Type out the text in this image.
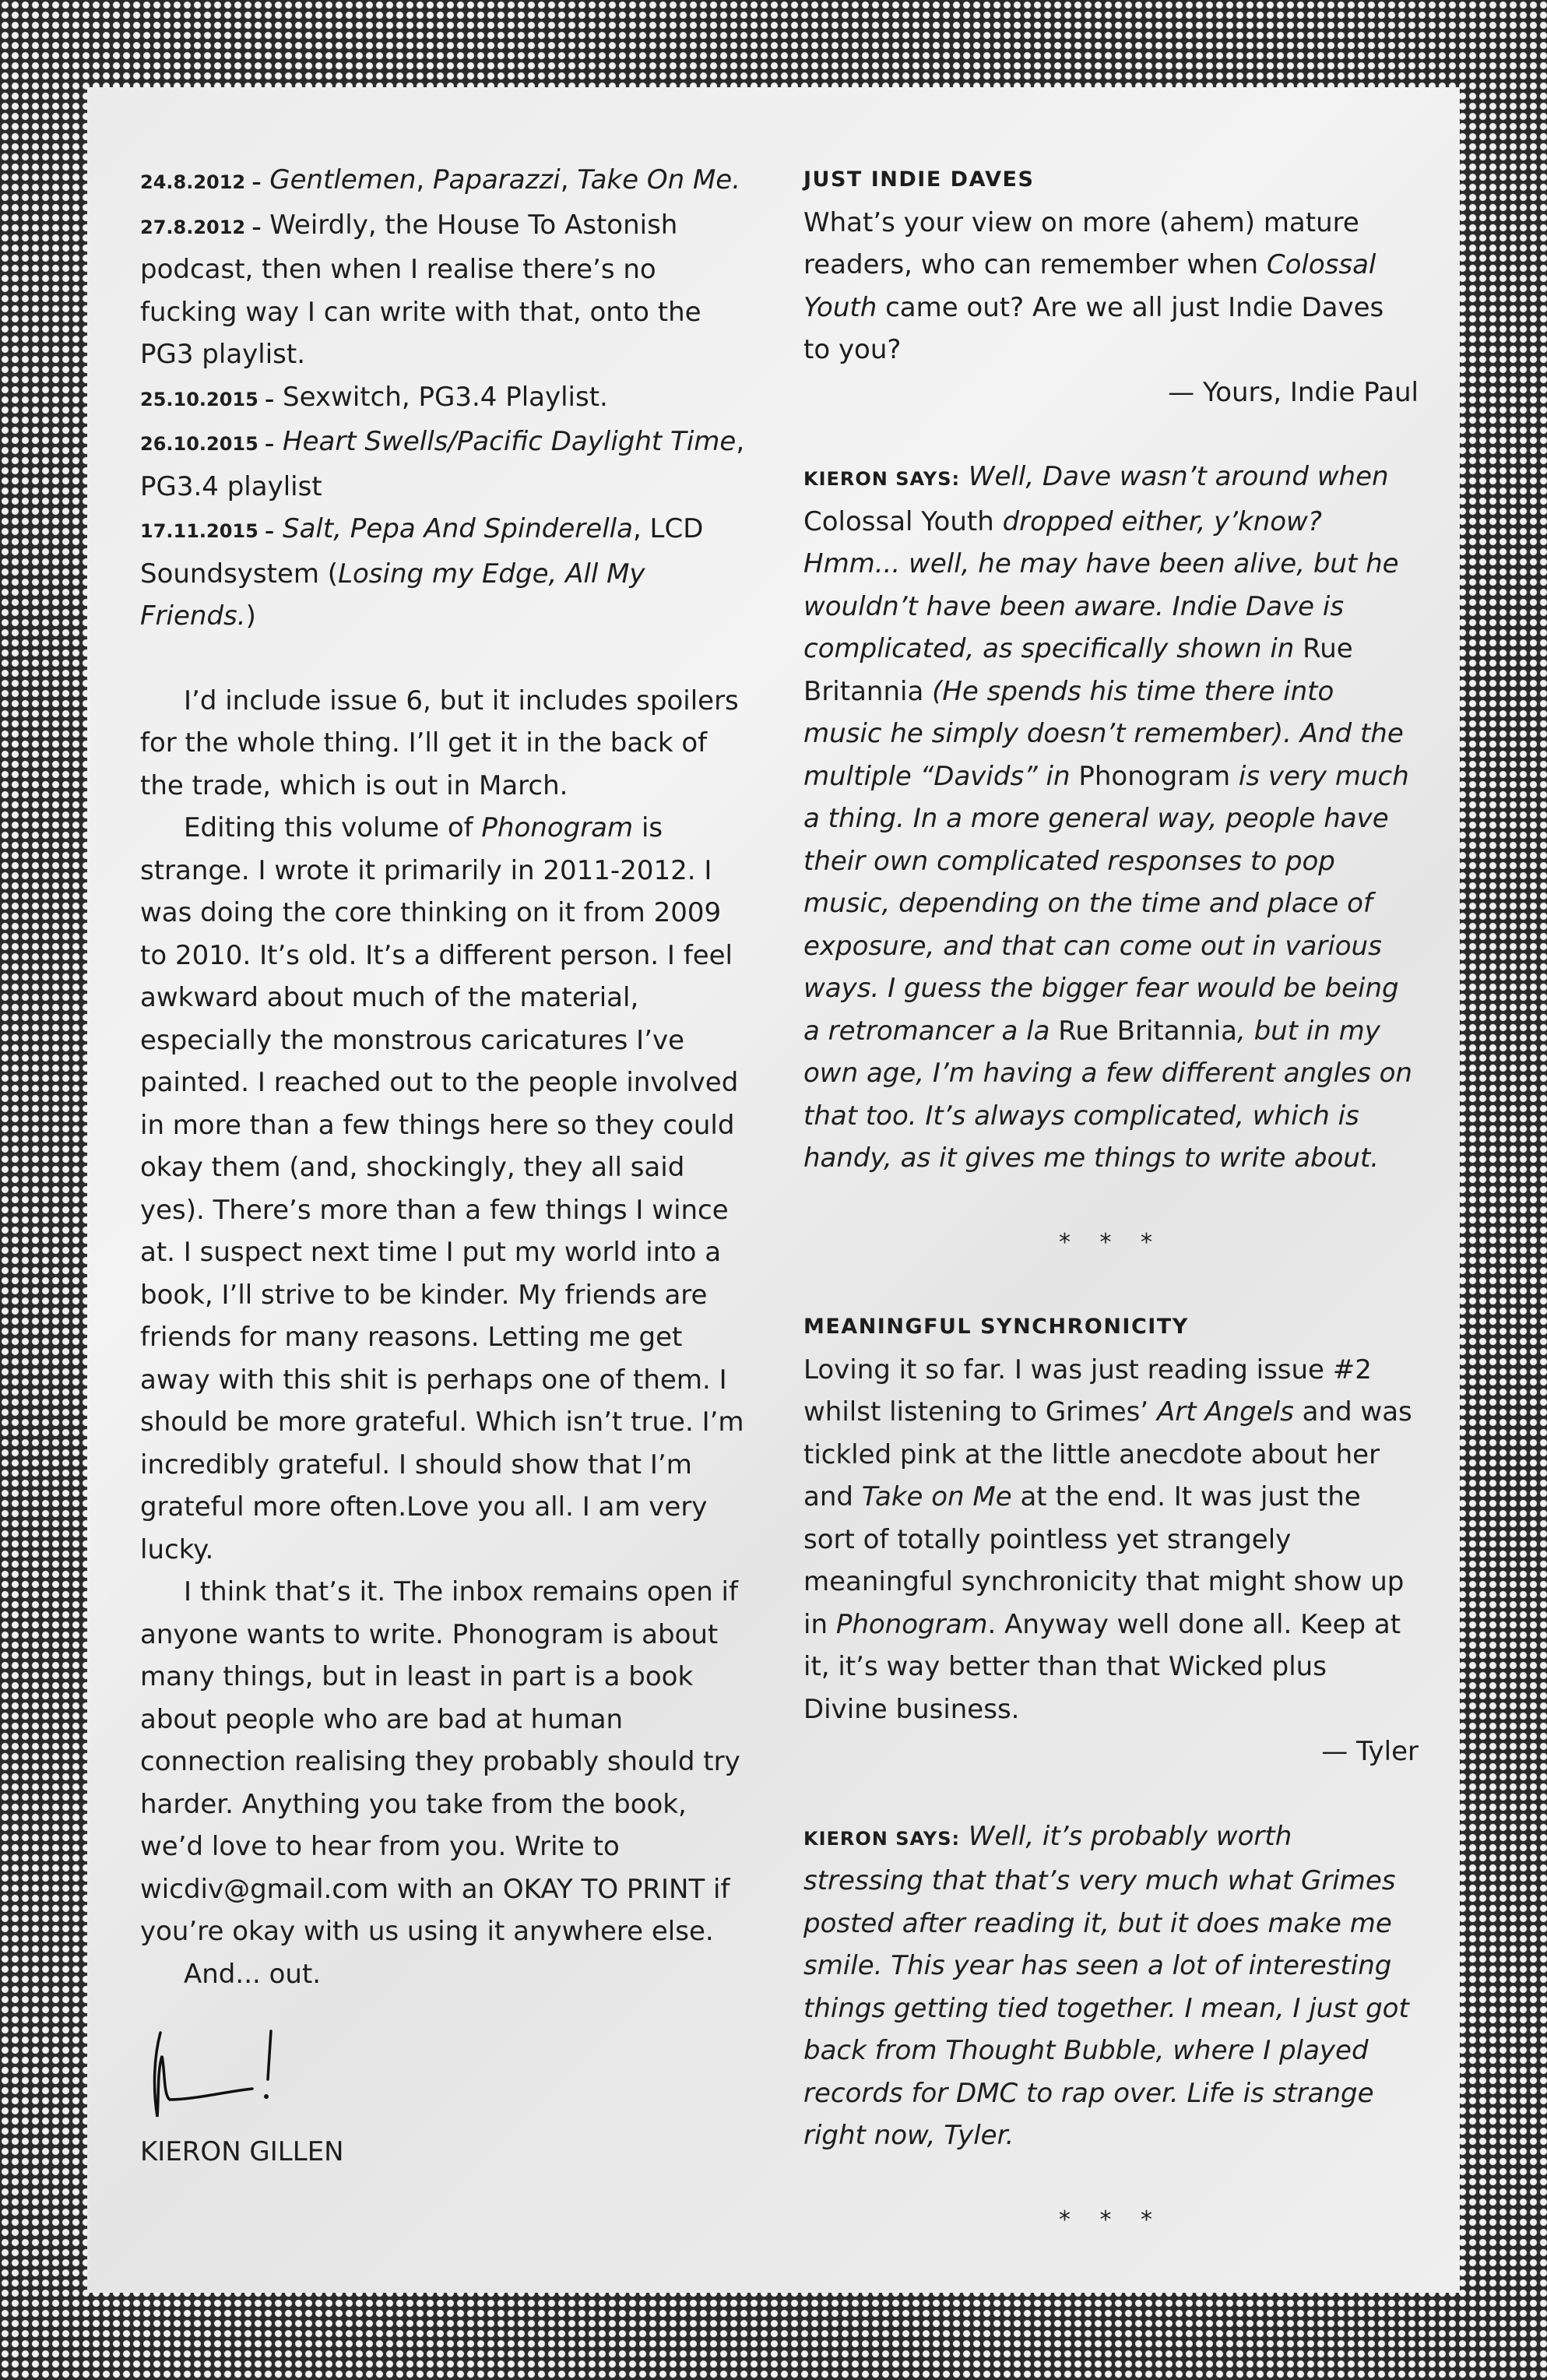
24.8.2012 – Gentlemen, Paparazzi, Take On Me.

27.8.2012 – Weirdly, the House To Astonish podcast, then when I realise there’s no fucking way I can write with that, onto the PG3 playlist.

25.10.2015 – Sexwitch, PG3.4 Playlist.

26.10.2015 – Heart Swells/Pacific Daylight Time, PG3.4 playlist

17.11.2015 – Salt, Pepa And Spinderella, LCD Soundsystem (Losing my Edge, All My Friends.)

I’d include issue 6, but it includes spoilers for the whole thing. I’ll get it in the back of the trade, which is out in March.

Editing this volume of Phonogram is strange. I wrote it primarily in 2011-2012. I was doing the core thinking on it from 2009 to 2010. It’s old. It’s a different person. I feel awkward about much of the material, especially the monstrous caricatures I’ve painted. I reached out to the people involved in more than a few things here so they could okay them (and, shockingly, they all said yes). There’s more than a few things I wince at. I suspect next time I put my world into a book, I’ll strive to be kinder. My friends are friends for many reasons. Letting me get away with this shit is perhaps one of them. I should be more grateful. Which isn’t true. I’m incredibly grateful. I should show that I’m grateful more often.Love you all. I am very lucky.

I think that’s it. The inbox remains open if anyone wants to write. Phonogram is about many things, but in least in part is a book about people who are bad at human connection realising they probably should try harder. Anything you take from the book, we’d love to hear from you. Write to wicdiv@gmail.com with an OKAY TO PRINT if you’re okay with us using it anywhere else.

And... out.

KIERON GILLEN
JUST INDIE DAVES

What’s your view on more (ahem) mature readers, who can remember when Colossal Youth came out? Are we all just Indie Daves to you?

— Yours, Indie Paul

KIERON SAYS: Well, Dave wasn’t around when Colossal Youth dropped either, y’know? Hmm... well, he may have been alive, but he wouldn’t have been aware. Indie Dave is complicated, as specifically shown in Rue Britannia (He spends his time there into music he simply doesn’t remember). And the multiple “Davids” in Phonogram is very much a thing. In a more general way, people have their own complicated responses to pop music, depending on the time and place of exposure, and that can come out in various ways. I guess the bigger fear would be being a retromancer a la Rue Britannia, but in my own age, I’m having a few different angles on that too. It’s always complicated, which is handy, as it gives me things to write about.

* * *

MEANINGFUL SYNCHRONICITY

Loving it so far. I was just reading issue #2 whilst listening to Grimes’ Art Angels and was tickled pink at the little anecdote about her and Take on Me at the end. It was just the sort of totally pointless yet strangely meaningful synchronicity that might show up in Phonogram. Anyway well done all. Keep at it, it’s way better than that Wicked plus Divine business.

— Tyler

KIERON SAYS: Well, it’s probably worth stressing that that’s very much what Grimes posted after reading it, but it does make me smile. This year has seen a lot of interesting things getting tied together. I mean, I just got back from Thought Bubble, where I played records for DMC to rap over. Life is strange right now, Tyler.

* * *
